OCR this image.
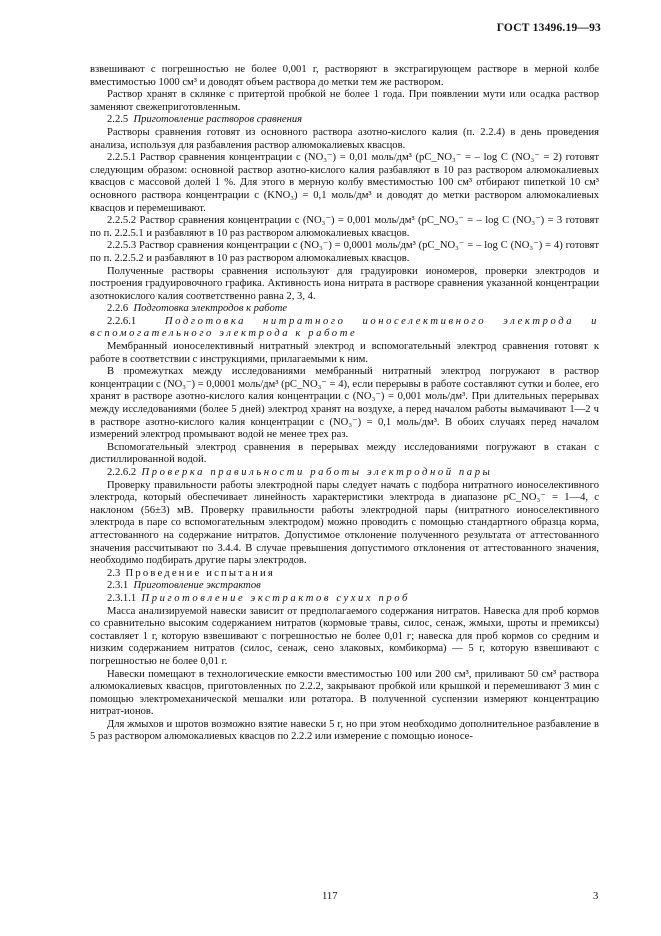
ГОСТ 13496.19—93

взвешивают с погрешностью не более 0,001 г, растворяют в экстрагирующем растворе в мерной колбе вместимостью 1000 см³ и доводят объем раствора до метки тем же раствором.

Раствор хранят в склянке с притертой пробкой не более 1 года. При появлении мути или осадка раствор заменяют свежеприготовленным.

2.2.5 Приготовление растворов сравнения

Растворы сравнения готовят из основного раствора азотно-кислого калия (п. 2.2.4) в день проведения анализа, используя для разбавления раствор алюмокалиевых квасцов.

2.2.5.1 Раствор сравнения концентрации c (NO₃⁻) = 0,01 моль/дм³ (pC_NO₃⁻ = – log C (NO₃⁻ = 2) готовят следующим образом: основной раствор азотно-кислого калия разбавляют в 10 раз раствором алюмокалиевых квасцов с массовой долей 1 %. Для этого в мерную колбу вместимостью 100 см³ отбирают пипеткой 10 см³ основного раствора концентрации c (KNO₃) = 0,1 моль/дм³ и доводят до метки раствором алюмокалиевых квасцов и перемешивают.

2.2.5.2 Раствор сравнения концентрации c (NO₃⁻) = 0,001 моль/дм³ (pC_NO₃⁻ = – log C (NO₃⁻) = 3 готовят по п. 2.2.5.1 и разбавляют в 10 раз раствором алюмокалиевых квасцов.

2.2.5.3 Раствор сравнения концентрации c (NO₃⁻) = 0,0001 моль/дм³ (pC_NO₃⁻ = – log C (NO₃⁻) = 4) готовят по п. 2.2.5.2 и разбавляют в 10 раз раствором алюмокалиевых квасцов.

Полученные растворы сравнения используют для градуировки иономеров, проверки электродов и построения градуировочного графика. Активность иона нитрата в растворе сравнения указанной концентрации азотнокислого калия соответственно равна 2, 3, 4.

2.2.6 Подготовка электродов к работе

2.2.6.1	Подготовка нитратного ионоселективного электрода и вспомогательного электрода к работе

Мембранный ионоселективный нитратный электрод и вспомогательный электрод сравнения готовят к работе в соответствии с инструкциями, прилагаемыми к ним.

В промежутках между исследованиями мембранный нитратный электрод погружают в раствор концентрации c (NO₃⁻) = 0,0001 моль/дм³ (pC_NO₃⁻ = 4), если перерывы в работе составляют сутки и более, его хранят в растворе азотно-кислого калия концентрации c (NO₃⁻) = 0,001 моль/дм³. При длительных перерывах между исследованиями (более 5 дней) электрод хранят на воздухе, а перед началом работы вымачивают 1—2 ч в растворе азотно-кислого калия концентрации c (NO₃⁻) = 0,1 моль/дм³. В обоих случаях перед началом измерений электрод промывают водой не менее трех раз.

Вспомогательный электрод сравнения в перерывах между исследованиями погружают в стакан с дистиллированной водой.

2.2.6.2 Проверка правильности работы электродной пары

Проверку правильности работы электродной пары следует начать с подбора нитратного ионоселективного электрода, который обеспечивает линейность характеристики электрода в диапазоне pC_NO₃⁻ = 1—4, с наклоном (56±3) мВ. Проверку правильности работы электродной пары (нитратного ионоселективного электрода в паре со вспомогательным электродом) можно проводить с помощью стандартного образца корма, аттестованного на содержание нитратов. Допустимое отклонение полученного результата от аттестованного значения рассчитывают по 3.4.4. В случае превышения допустимого отклонения от аттестованного значения, необходимо подбирать другие пары электродов.

2.3 Проведение испытания

2.3.1 Приготовление экстрактов

2.3.1.1 Приготовление экстрактов сухих проб

Масса анализируемой навески зависит от предполагаемого содержания нитратов. Навеска для проб кормов со сравнительно высоким содержанием нитратов (кормовые травы, силос, сенаж, жмыхи, шроты и премиксы) составляет 1 г, которую взвешивают с погрешностью не более 0,01 г; навеска для проб кормов со средним и низким содержанием нитратов (силос, сенаж, сено злаковых, комбикорма) — 5 г, которую взвешивают с погрешностью не более 0,01 г.

Навески помещают в технологические емкости вместимостью 100 или 200 см³, приливают 50 см³ раствора алюмокалиевых квасцов, приготовленных по 2.2.2, закрывают пробкой или крышкой и перемешивают 3 мин с помощью электромеханической мешалки или ротатора. В полученной суспензии измеряют концентрацию нитрат-ионов.

Для жмыхов и шротов возможно взятие навески 5 г, но при этом необходимо дополнительное разбавление в 5 раз раствором алюмокалиевых квасцов по 2.2.2 или измерение с помощью ионосе-

117	3
